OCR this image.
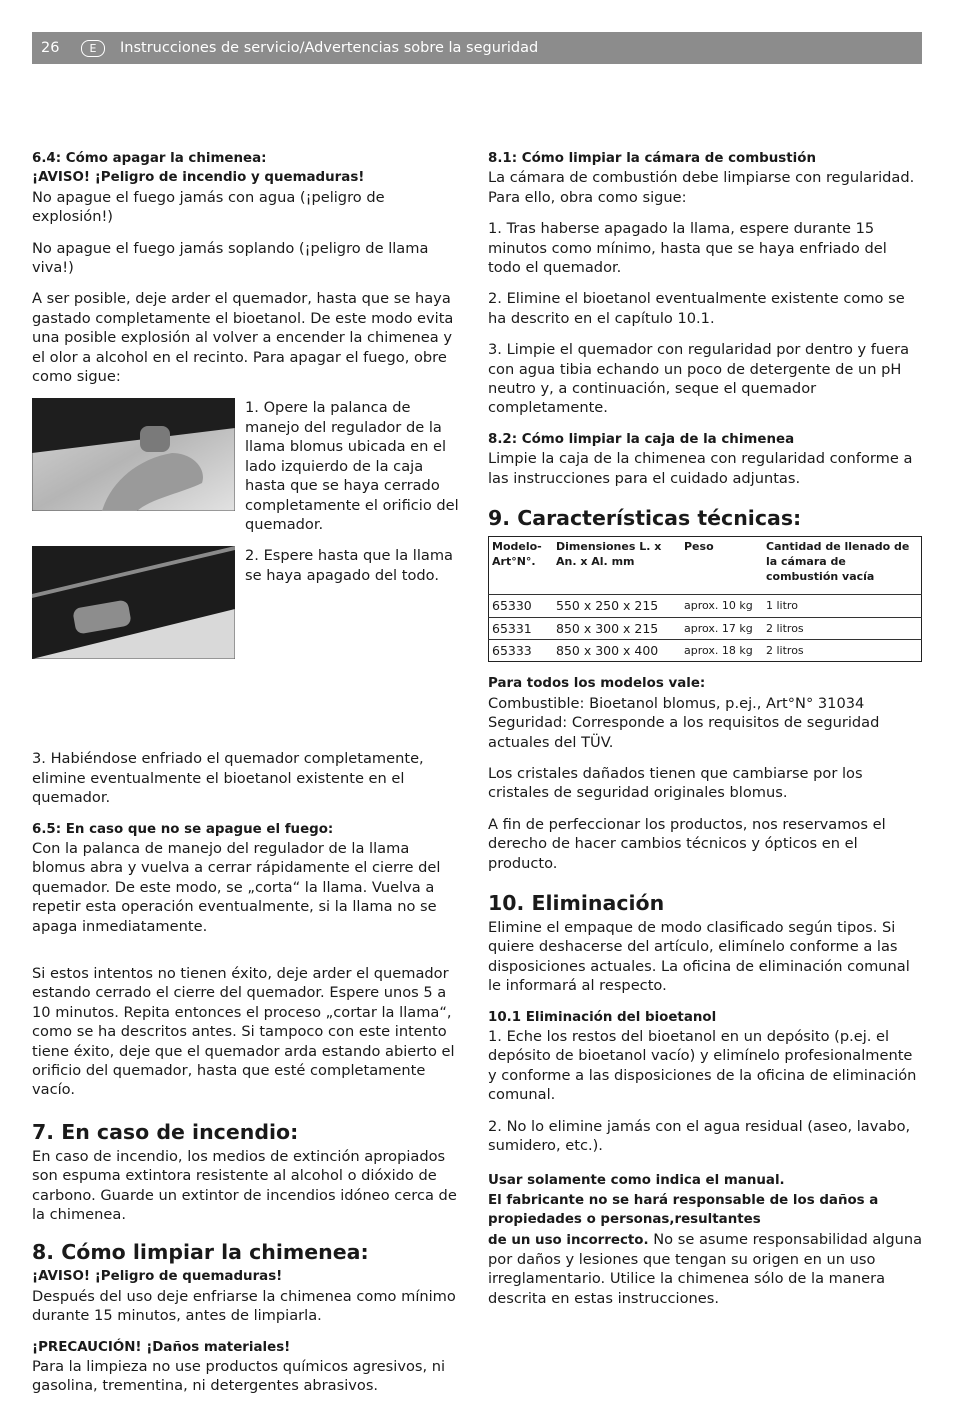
26	E	Instrucciones de servicio/Advertencias sobre la seguridad

6.4: Cómo apagar la chimenea:
¡AVISO! ¡Peligro de incendio y quemaduras!
No apague el fuego jamás con agua (¡peligro de explosión!)

No apague el fuego jamás soplando (¡peligro de llama viva!)

A ser posible, deje arder el quemador, hasta que se haya gastado completamente el bioetanol. De este modo evita una posible explosión al volver a encender la chimenea y el olor a alcohol en el recinto. Para apagar el fuego, obre como sigue:

1. Opere la palanca de manejo del regulador de la llama blomus ubicada en el lado izquierdo de la caja hasta que se haya cerrado completamente el orificio del quemador.
2. Espere hasta que la llama se haya apagado del todo.

3. Habiéndose enfriado el quemador completamente, elimine eventualmente el bioetanol existente en el quemador.

6.5: En caso que no se apague el fuego:
Con la palanca de manejo del regulador de la llama blomus abra y vuelva a cerrar rápidamente el cierre del quemador. De este modo, se „corta“ la llama. Vuelva a repetir esta operación eventualmente, si la llama no se apaga inmediatamente.

Si estos intentos no tienen éxito, deje arder el quemador estando cerrado el cierre del quemador. Espere unos 5 a 10 minutos. Repita entonces el proceso „cortar la llama“, como se ha descritos antes. Si tampoco con este intento tiene éxito, deje que el quemador arda estando abierto el orificio del quemador, hasta que esté completamente vacío.

7. En caso de incendio:

En caso de incendio, los medios de extinción apropiados son espuma extintora resistente al alcohol o dióxido de carbono. Guarde un extintor de incendios idóneo cerca de la chimenea.

8. Cómo limpiar la chimenea:

¡AVISO! ¡Peligro de quemaduras!
Después del uso deje enfriarse la chimenea como mínimo durante 15 minutos, antes de limpiarla.

¡PRECAUCIÓN! ¡Daños materiales!
Para la limpieza no use productos químicos agresivos, ni gasolina, trementina, ni detergentes abrasivos.

8.1: Cómo limpiar la cámara de combustión
La cámara de combustión debe limpiarse con regularidad. Para ello, obra como sigue:

1. Tras haberse apagado la llama, espere durante 15 minutos como mínimo, hasta que se haya enfriado del todo el quemador.

2. Elimine el bioetanol eventualmente existente como se ha descrito en el capítulo 10.1.

3. Limpie el quemador con regularidad por dentro y fuera con agua tibia echando un poco de detergente de un pH neutro y, a continuación, seque el quemador completamente.

8.2: Cómo limpiar la caja de la chimenea
Limpie la caja de la chimenea con regularidad conforme a las instrucciones para el cuidado adjuntas.

9. Características técnicas:
Modelo-Art°N°.	Dimensiones L. x An. x Al. mm	Peso	Cantidad de llenado de la cámara de combustión vacía
65330	550 x 250 x 215	aprox. 10 kg	1 litro
65331	850 x 300 x 215	aprox. 17 kg	2 litros
65333	850 x 300 x 400	aprox. 18 kg	2 litros

Para todos los modelos vale:
Combustible: Bioetanol blomus, p.ej., Art°N° 31034
Seguridad: Corresponde a los requisitos de seguridad actuales del TÜV.

Los cristales dañados tienen que cambiarse por los cristales de seguridad originales blomus.

A fin de perfeccionar los productos, nos reservamos el derecho de hacer cambios técnicos y ópticos en el producto.

10. Eliminación

Elimine el empaque de modo clasificado según tipos. Si quiere deshacerse del artículo, elimínelo conforme a las disposiciones actuales. La oficina de eliminación comunal le informará al respecto.

10.1 Eliminación del bioetanol
1. Eche los restos del bioetanol en un depósito (p.ej. el depósito de bioetanol vacío) y elimínelo profesionalmente y conforme a las disposiciones de la oficina de eliminación comunal.

2. No lo elimine jamás con el agua residual (aseo, lavabo, sumidero, etc.).

Usar solamente como indica el manual.
El fabricante no se hará responsable de los daños a propiedades o personas,resultantes
de un uso incorrecto. No se asume responsabilidad alguna por daños y lesiones que tengan su origen en un uso irreglamentario. Utilice la chimenea sólo de la manera descrita en estas instrucciones.
